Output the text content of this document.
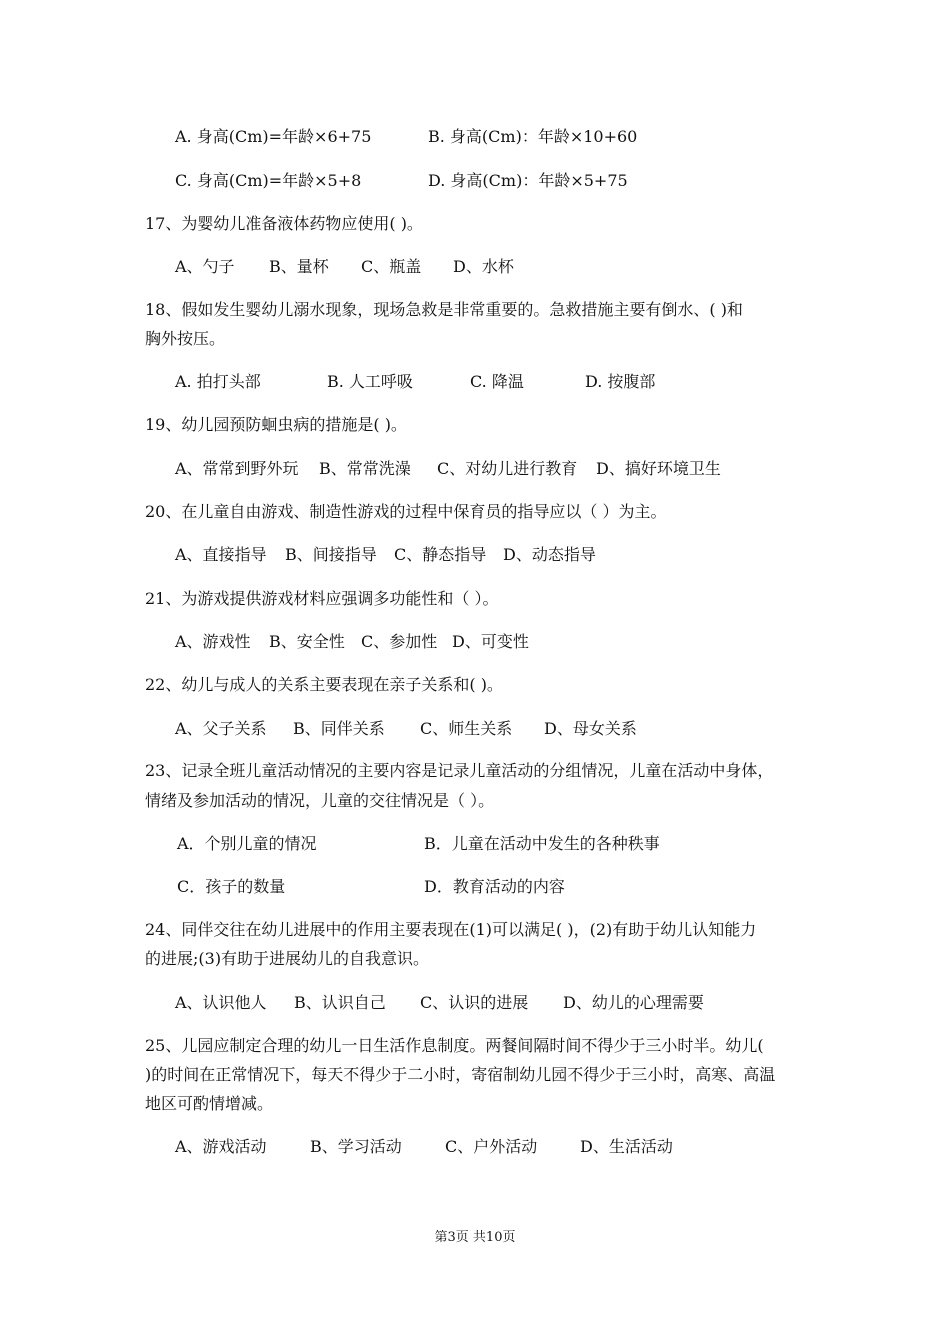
A. 身高(Cm)=年龄×6+75	B. 身高(Cm)：年龄×10+60
C. 身高(Cm)=年龄×5+8	D. 身高(Cm)：年龄×5+75
17、为婴幼儿准备液体药物应使用( )。
A、勺子 B、量杯 C、瓶盖 D、水杯
18、假如发生婴幼儿溺水现象，现场急救是非常重要的。急救措施主要有倒水、( )和
胸外按压。
A. 拍打头部	B. 人工呼吸	C. 降温	D. 按腹部
19、幼儿园预防蛔虫病的措施是( )。
A、常常到野外玩 B、常常洗澡 C、对幼儿进行教育 D、搞好环境卫生
20、在儿童自由游戏、制造性游戏的过程中保育员的指导应以（ ）为主。
A、直接指导 B、间接指导 C、静态指导 D、动态指导
21、为游戏提供游戏材料应强调多功能性和（ ）。
A、游戏性 B、安全性 C、参加性 D、可变性
22、幼儿与成人的关系主要表现在亲子关系和( )。
A、父子关系 B、同伴关系 C、师生关系 D、母女关系
23、记录全班儿童活动情况的主要内容是记录儿童活动的分组情况，儿童在活动中身体，
情绪及参加活动的情况，儿童的交往情况是（ ）。
A．个别儿童的情况	B．儿童在活动中发生的各种秩事
C．孩子的数量	D．教育活动的内容
24、同伴交往在幼儿进展中的作用主要表现在(1)可以满足( )，(2)有助于幼儿认知能力
的进展;(3)有助于进展幼儿的自我意识。
A、认识他人 B、认识自己 C、认识的进展 D、幼儿的心理需要
25、儿园应制定合理的幼儿一日生活作息制度。两餐间隔时间不得少于三小时半。幼儿(
)的时间在正常情况下，每天不得少于二小时，寄宿制幼儿园不得少于三小时，高寒、高温
地区可酌情增减。
A、游戏活动	B、学习活动	C、户外活动	D、生活活动
第3页 共10页
